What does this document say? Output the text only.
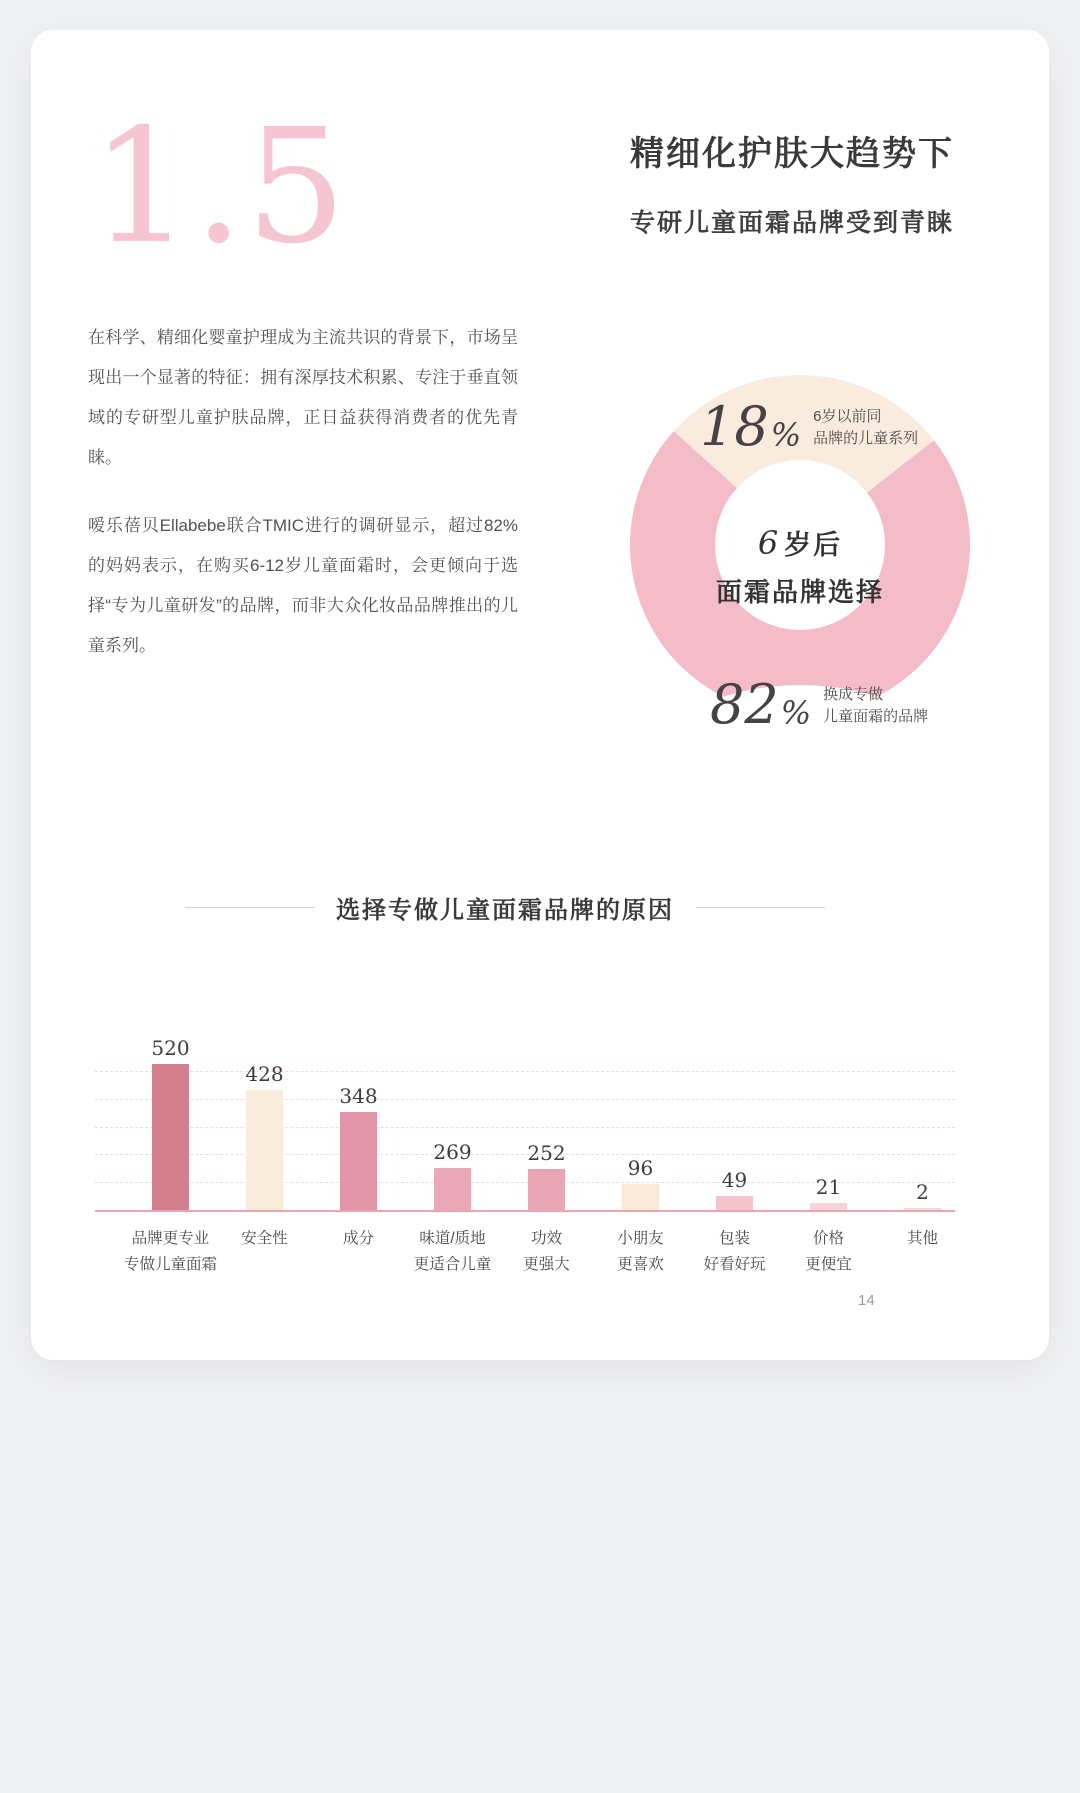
1.5	精细化护肤大趋势下
专研儿童面霜品牌受到青睐

在科学、精细化婴童护理成为主流共识的背景下，市场呈现出一个显著的特征：拥有深厚技术积累、专注于垂直领域的专研型儿童护肤品牌，正日益获得消费者的优先青睐。

嗳乐蓓贝Ellabebe联合TMIC进行的调研显示，超过82%的妈妈表示，在购买6-12岁儿童面霜时，会更倾向于选择“专为儿童研发”的品牌，而非大众化妆品品牌推出的儿童系列。

18 % 6岁以前同
品牌的儿童系列
6 岁后
面霜品牌选择
82 % 换成专做
儿童面霜的品牌
选择专做儿童面霜品牌的原因
520
品牌更专业
专做儿童面霜
428
安全性
348
成分
269
味道/质地
更适合儿童
252
功效
更强大
96
小朋友
更喜欢
49
包装
好看好玩
21
价格
更便宜
2
其他
14
